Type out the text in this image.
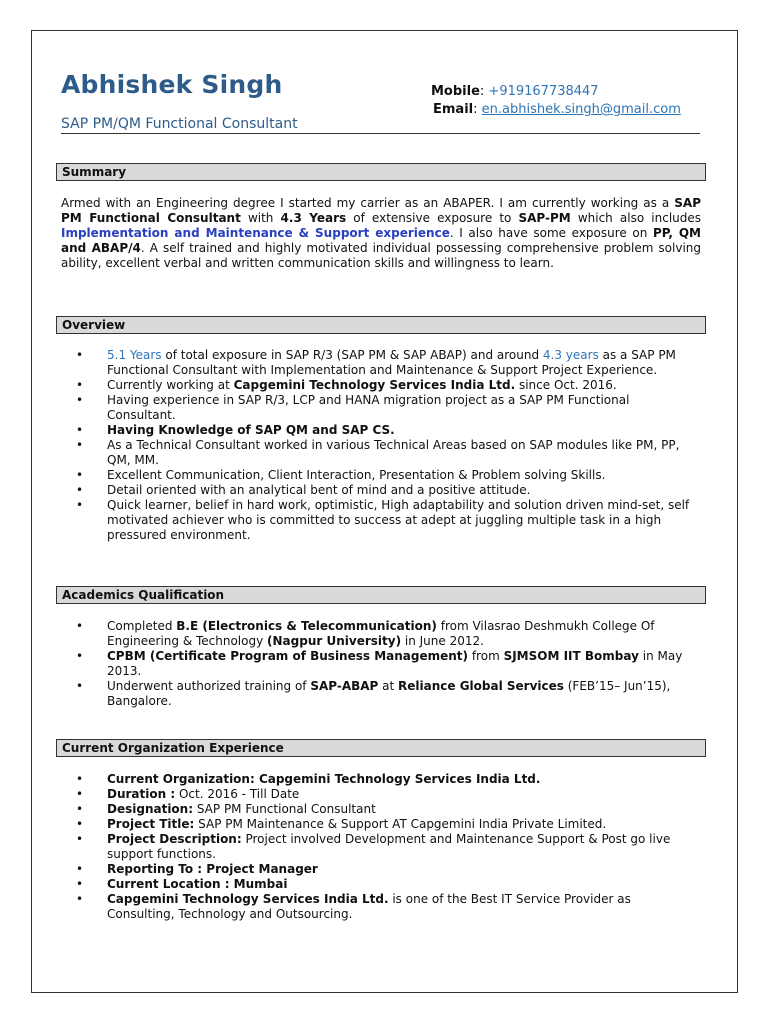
Abhishek Singh
SAP PM/QM Functional Consultant
Mobile: +919167738447
Email: en.abhishek.singh@gmail.com
Summary
Armed with an Engineering degree I started my carrier as an ABAPER. I am currently working as a SAP PM Functional Consultant with 4.3 Years of extensive exposure to SAP-PM which also includes Implementation and Maintenance & Support experience. I also have some exposure on PP, QM and ABAP/4. A self trained and highly motivated individual possessing comprehensive problem solving ability, excellent verbal and written communication skills and willingness to learn.
Overview
• 5.1 Years of total exposure in SAP R/3 (SAP PM & SAP ABAP) and around 4.3 years as a SAP PM Functional Consultant with Implementation and Maintenance & Support Project Experience.
• Currently working at Capgemini Technology Services India Ltd. since Oct. 2016.
• Having experience in SAP R/3, LCP and HANA migration project as a SAP PM Functional Consultant.
• Having Knowledge of SAP QM and SAP CS.
• As a Technical Consultant worked in various Technical Areas based on SAP modules like PM, PP, QM, MM.
• Excellent Communication, Client Interaction, Presentation & Problem solving Skills.
• Detail oriented with an analytical bent of mind and a positive attitude.
• Quick learner, belief in hard work, optimistic, High adaptability and solution driven mind-set, self motivated achiever who is committed to success at adept at juggling multiple task in a high pressured environment.
Academics Qualification
• Completed B.E (Electronics & Telecommunication) from Vilasrao Deshmukh College Of Engineering & Technology (Nagpur University) in June 2012.
• CPBM (Certificate Program of Business Management) from SJMSOM IIT Bombay in May 2013.
• Underwent authorized training of SAP-ABAP at Reliance Global Services (FEB’15– Jun’15), Bangalore.
Current Organization Experience
• Current Organization: Capgemini Technology Services India Ltd.
• Duration : Oct. 2016 - Till Date
• Designation: SAP PM Functional Consultant
• Project Title: SAP PM Maintenance & Support AT Capgemini India Private Limited.
• Project Description: Project involved Development and Maintenance Support & Post go live support functions.
• Reporting To : Project Manager
• Current Location : Mumbai
• Capgemini Technology Services India Ltd. is one of the Best IT Service Provider as Consulting, Technology and Outsourcing.
